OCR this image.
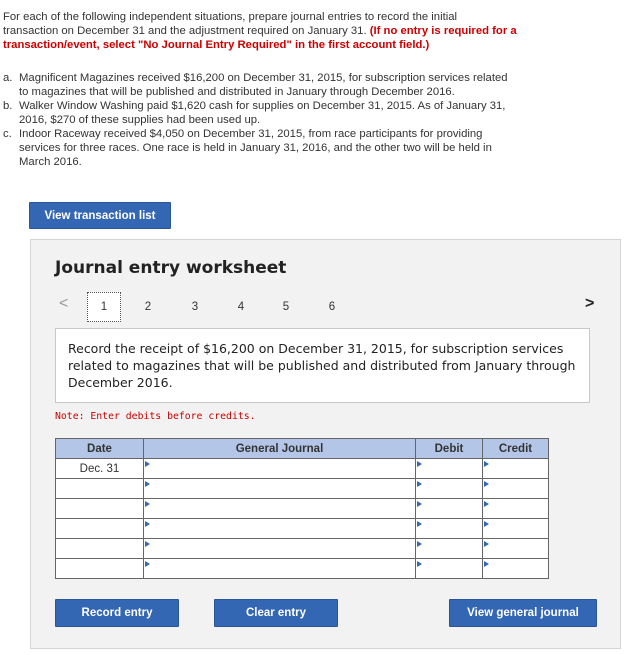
For each of the following independent situations, prepare journal entries to record the initial
transaction on December 31 and the adjustment required on January 31. (If no entry is required for a
transaction/event, select "No Journal Entry Required" in the first account field.)
a. Magnificent Magazines received $16,200 on December 31, 2015, for subscription services related
to magazines that will be published and distributed in January through December 2016.
b. Walker Window Washing paid $1,620 cash for supplies on December 31, 2015. As of January 31,
2016, $270 of these supplies had been used up.
c. Indoor Raceway received $4,050 on December 31, 2015, from race participants for providing
services for three races. One race is held in January 31, 2016, and the other two will be held in
March 2016.
View transaction list
Journal entry worksheet
<	1	2	3	4	5	6	>
Record the receipt of $16,200 on December 31, 2015, for subscription services related to magazines that will be published and distributed from January through December 2016.
Note: Enter debits before credits.
Date	General Journal	Debit	Credit
Dec. 31			

Record entry	Clear entry	View general journal
